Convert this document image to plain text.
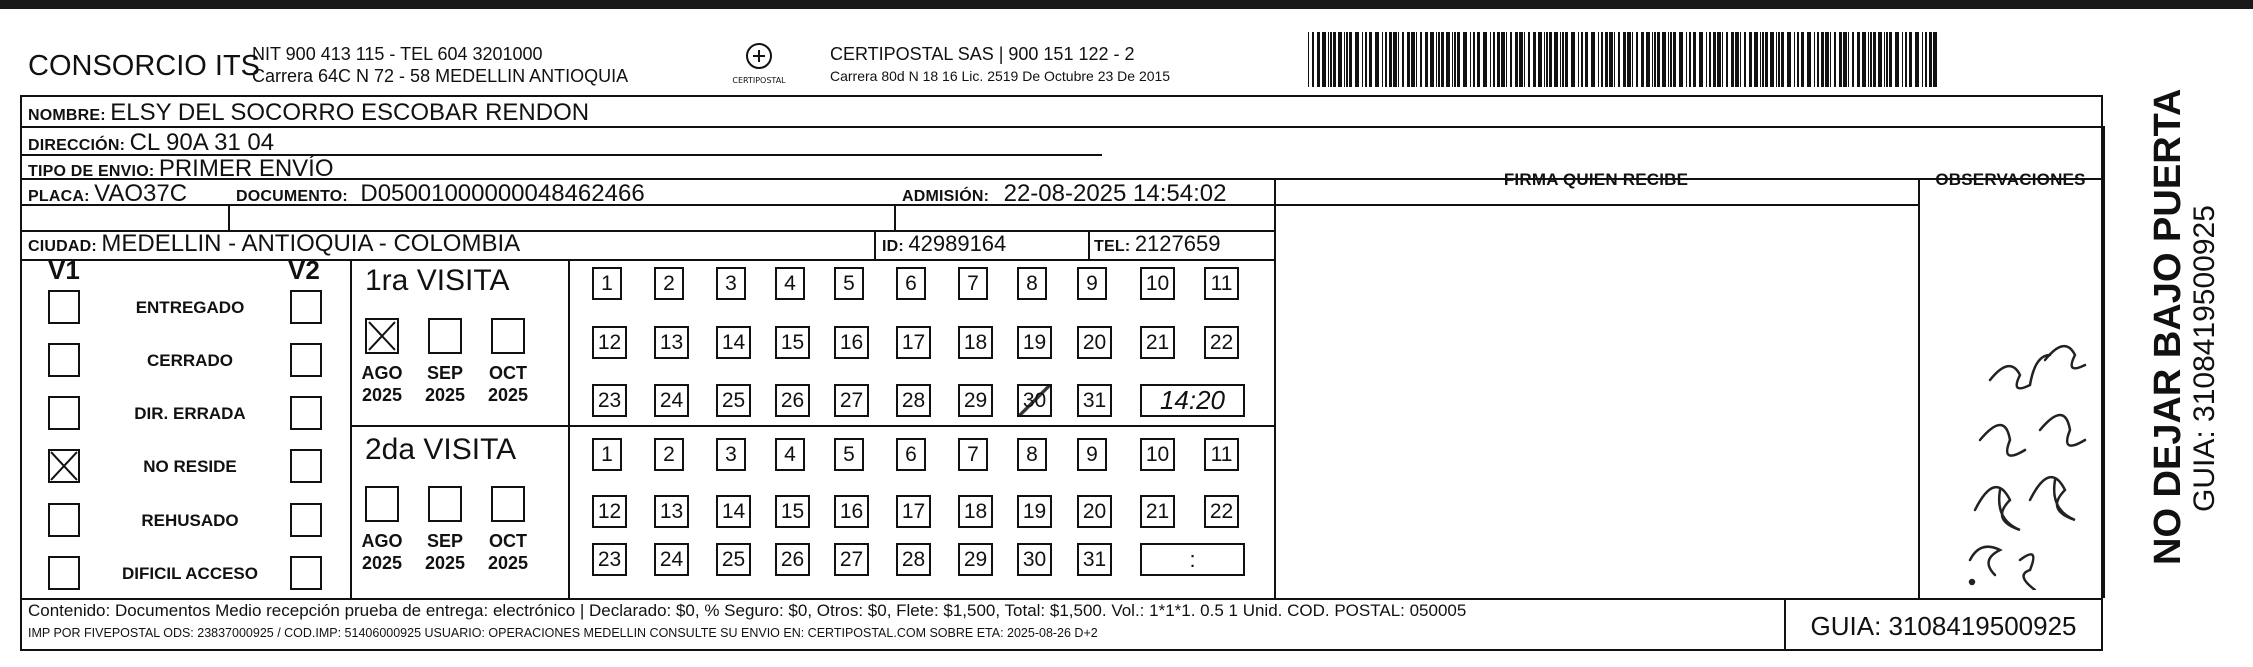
CONSORCIO ITS
NIT 900 413 115 - TEL 604 3201000
Carrera 64C N 72 - 58 MEDELLIN ANTIOQUIA	CERTIPOSTAL
CERTIPOSTAL SAS | 900 151 122 - 2
Carrera 80d N 18 16 Lic. 2519 De Octubre 23 De 2015
NOMBRE: ELSY DEL SOCORRO ESCOBAR RENDON
DIRECCIÓN: CL 90A 31 04
TIPO DE ENVIO: PRIMER ENVÍO
PLACA: VAO37C	DOCUMENTO: D05001000000048462466	ADMISIÓN: 22-08-2025 14:54:02
CIUDAD: MEDELLIN - ANTIOQUIA - COLOMBIA	ID: 42989164	TEL: 2127659
FIRMA QUIEN RECIBE	OBSERVACIONES
V1	V2
ENTREGADO
CERRADO
DIR. ERRADA
NO RESIDE
REHUSADO
DIFICIL ACCESO
1ra VISITA
2da VISITA
AGO
2025
SEP
2025
OCT
2025
AGO
2025
SEP
2025
OCT
2025
1	2	3	4	5	6	7	8	9	10	11
12 13 14 15 16 17 18 19 20 21 22
23 24 25 26 27 28 29 30 31	14:20
1	2	3	4	5	6	7	8	9	10	11
12 13 14 15 16 17 18 19 20 21 22
23 24 25 26 27 28 29 30 31	:	NO DEJAR BAJO PUERTA GUIA: 3108419500925
Contenido: Documentos Medio recepción prueba de entrega: electrónico | Declarado: $0, % Seguro: $0, Otros: $0, Flete: $1,500, Total: $1,500. Vol.: 1*1*1. 0.5 1 Unid. COD. POSTAL: 050005
IMP POR FIVEPOSTAL ODS: 23837000925 / COD.IMP: 51406000925 USUARIO: OPERACIONES MEDELLIN CONSULTE SU ENVIO EN: CERTIPOSTAL.COM SOBRE ETA: 2025-08-26 D+2	GUIA: 3108419500925
